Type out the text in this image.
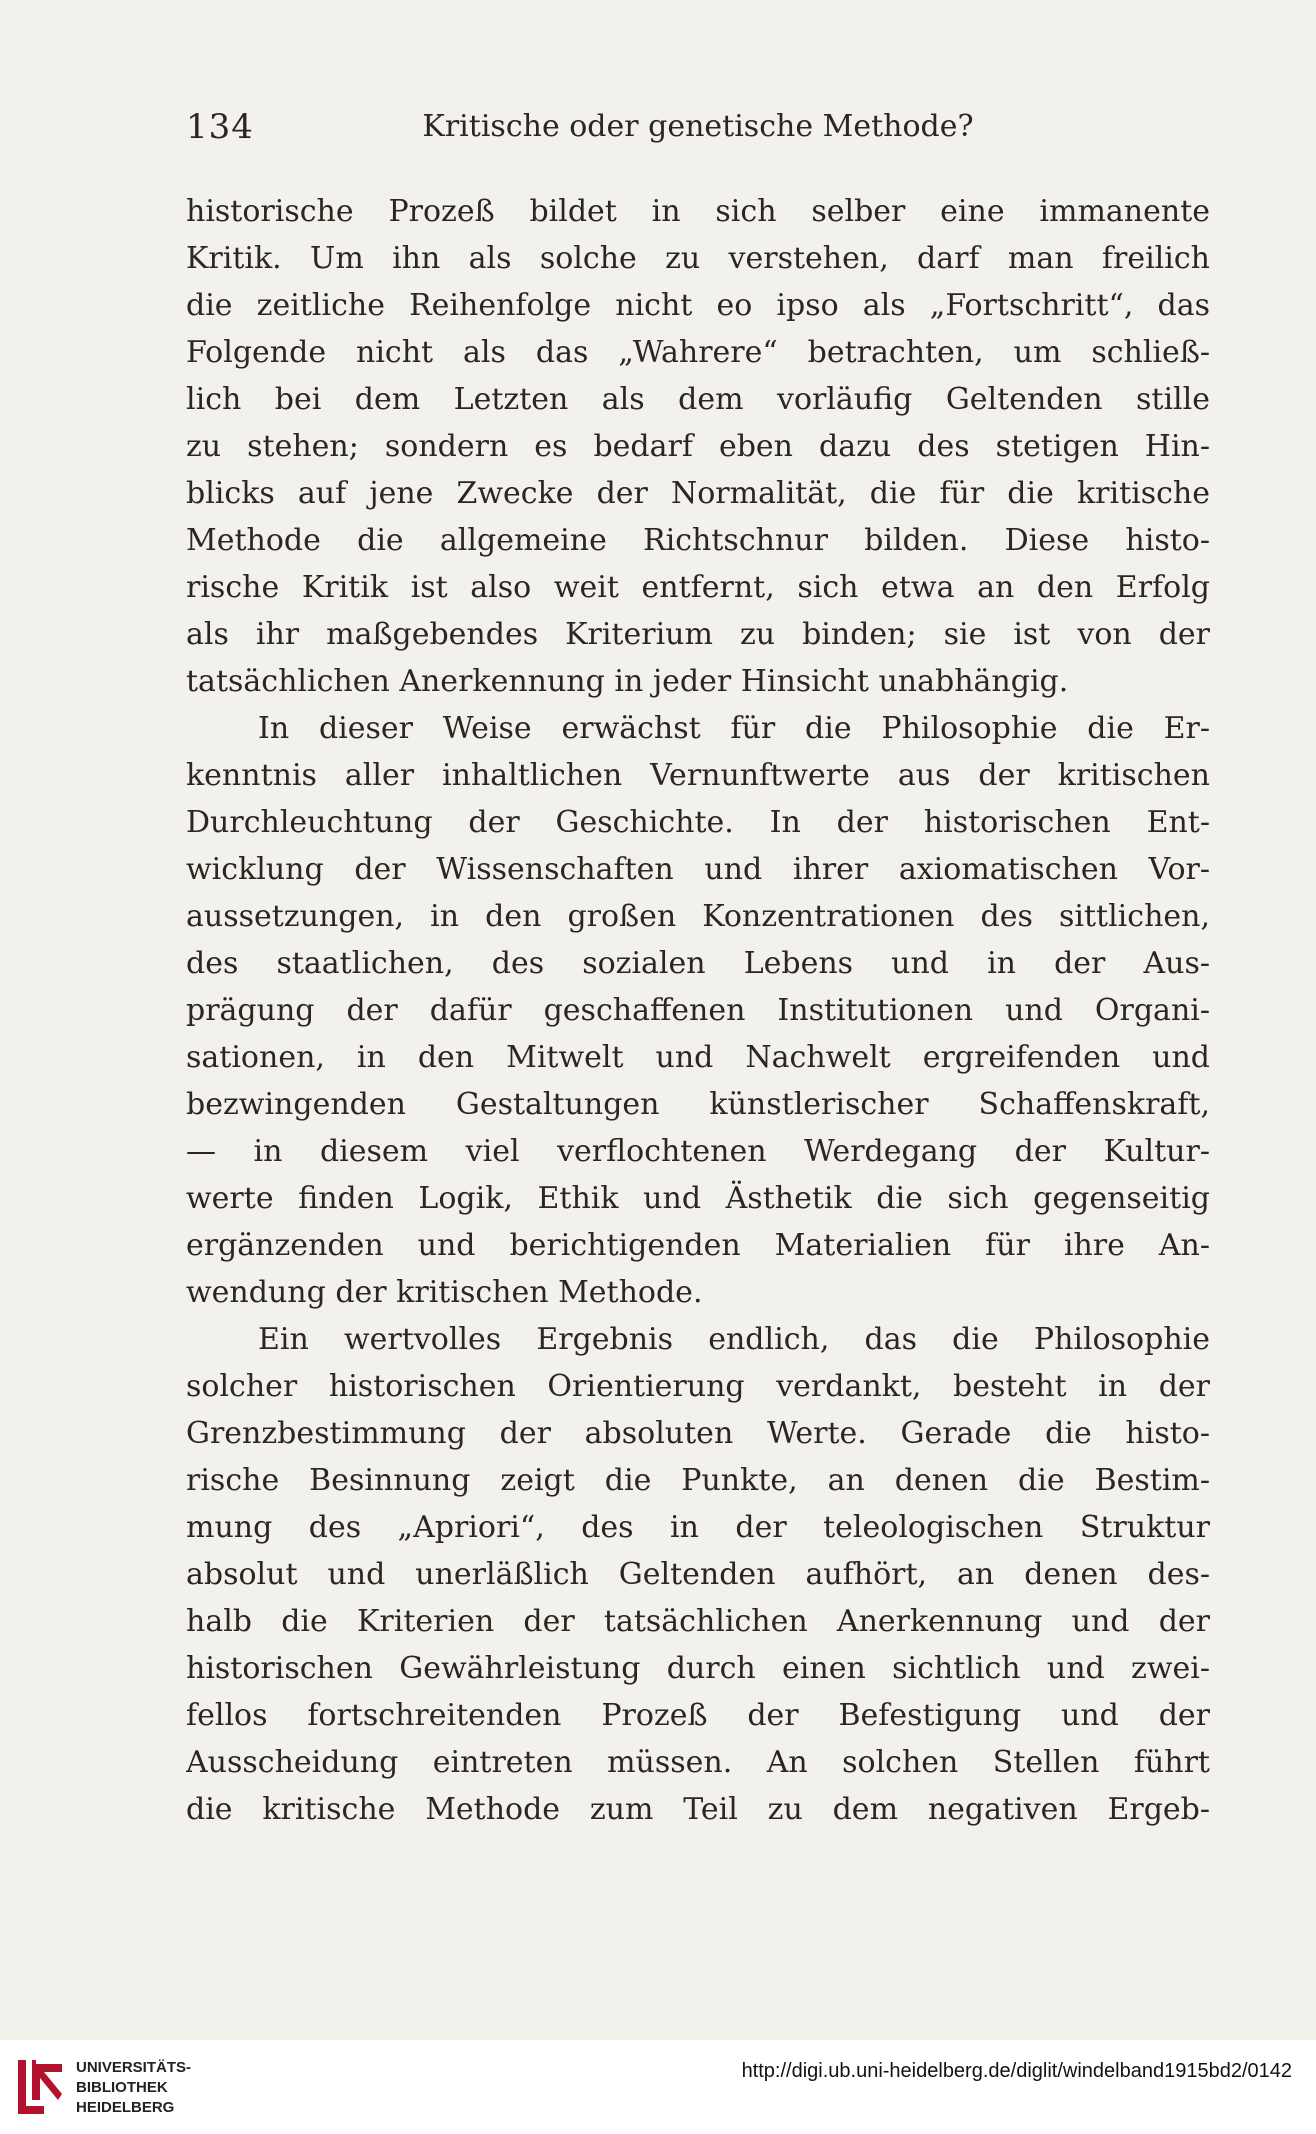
134	Kritische oder genetische Methode?
historische Prozeß bildet in sich selber eine immanente
Kritik. Um ihn als solche zu verstehen, darf man freilich
die zeitliche Reihenfolge nicht eo ipso als „Fortschritt“, das
Folgende nicht als das „Wahrere“ betrachten, um schließ-
lich bei dem Letzten als dem vorläufig Geltenden stille
zu stehen; sondern es bedarf eben dazu des stetigen Hin-
blicks auf jene Zwecke der Normalität, die für die kritische
Methode die allgemeine Richtschnur bilden. Diese histo-
rische Kritik ist also weit entfernt, sich etwa an den Erfolg
als ihr maßgebendes Kriterium zu binden; sie ist von der
tatsächlichen Anerkennung in jeder Hinsicht unabhängig.
In dieser Weise erwächst für die Philosophie die Er-
kenntnis aller inhaltlichen Vernunftwerte aus der kritischen
Durchleuchtung der Geschichte. In der historischen Ent-
wicklung der Wissenschaften und ihrer axiomatischen Vor-
aussetzungen, in den großen Konzentrationen des sittlichen,
des staatlichen, des sozialen Lebens und in der Aus-
prägung der dafür geschaffenen Institutionen und Organi-
sationen, in den Mitwelt und Nachwelt ergreifenden und
bezwingenden Gestaltungen künstlerischer Schaffenskraft,
— in diesem viel verflochtenen Werdegang der Kultur-
werte finden Logik, Ethik und Ästhetik die sich gegenseitig
ergänzenden und berichtigenden Materialien für ihre An-
wendung der kritischen Methode.
Ein wertvolles Ergebnis endlich, das die Philosophie
solcher historischen Orientierung verdankt, besteht in der
Grenzbestimmung der absoluten Werte. Gerade die histo-
rische Besinnung zeigt die Punkte, an denen die Bestim-
mung des „Apriori“, des in der teleologischen Struktur
absolut und unerläßlich Geltenden aufhört, an denen des-
halb die Kriterien der tatsächlichen Anerkennung und der
historischen Gewährleistung durch einen sichtlich und zwei-
fellos fortschreitenden Prozeß der Befestigung und der
Ausscheidung eintreten müssen. An solchen Stellen führt
die kritische Methode zum Teil zu dem negativen Ergeb-
UNIVERSITÄTS-
BIBLIOTHEK
HEIDELBERG
http://digi.ub.uni-heidelberg.de/diglit/windelband1915bd2/0142
